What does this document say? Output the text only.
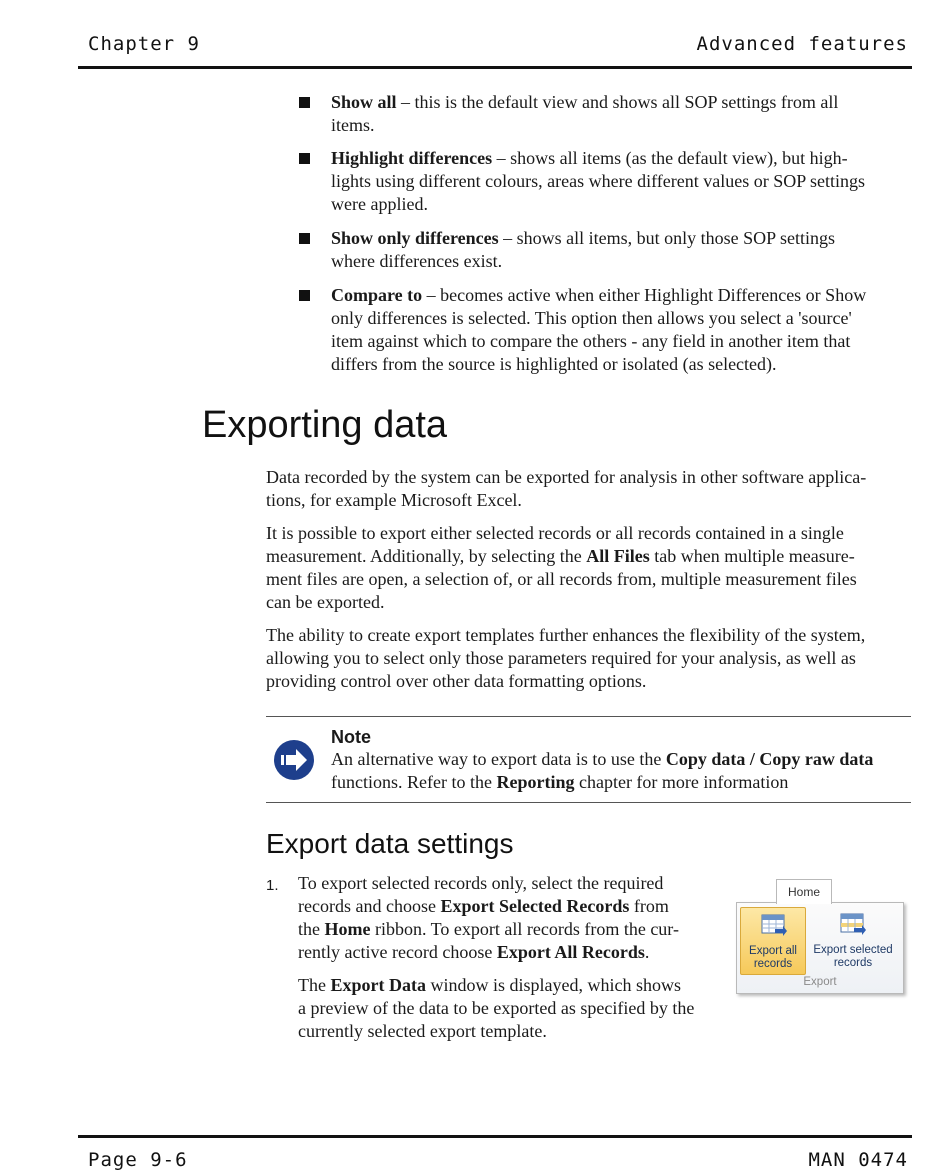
Chapter 9	Advanced features

Show all – this is the default view and shows all SOP settings from all

items.

Highlight differences – shows all items (as the default view), but high-

lights using different colours, areas where different values or SOP settings

were applied.

Show only differences – shows all items, but only those SOP settings

where differences exist.

Compare to – becomes active when either Highlight Differences or Show

only differences is selected. This option then allows you select a 'source'

item against which to compare the others - any field in another item that

differs from the source is highlighted or isolated (as selected).

Exporting data

Data recorded by the system can be exported for analysis in other software applica-

tions, for example Microsoft Excel.

It is possible to export either selected records or all records contained in a single

measurement. Additionally, by selecting the All Files tab when multiple measure-

ment files are open, a selection of, or all records from, multiple measurement files

can be exported.

The ability to create export templates further enhances the flexibility of the system,

allowing you to select only those parameters required for your analysis, as well as

providing control over other data formatting options.

Note

An alternative way to export data is to use the Copy data / Copy raw data

functions. Refer to the Reporting chapter for more information

Export data settings
1. To export selected records only, select the required

records and choose Export Selected Records from

the Home ribbon. To export all records from the cur-

rently active record choose Export All Records.

The Export Data window is displayed, which shows

a preview of the data to be exported as specified by the

currently selected export template.

Export all
records
Export selected
records
Export
Home
Page 9-6	MAN 0474
